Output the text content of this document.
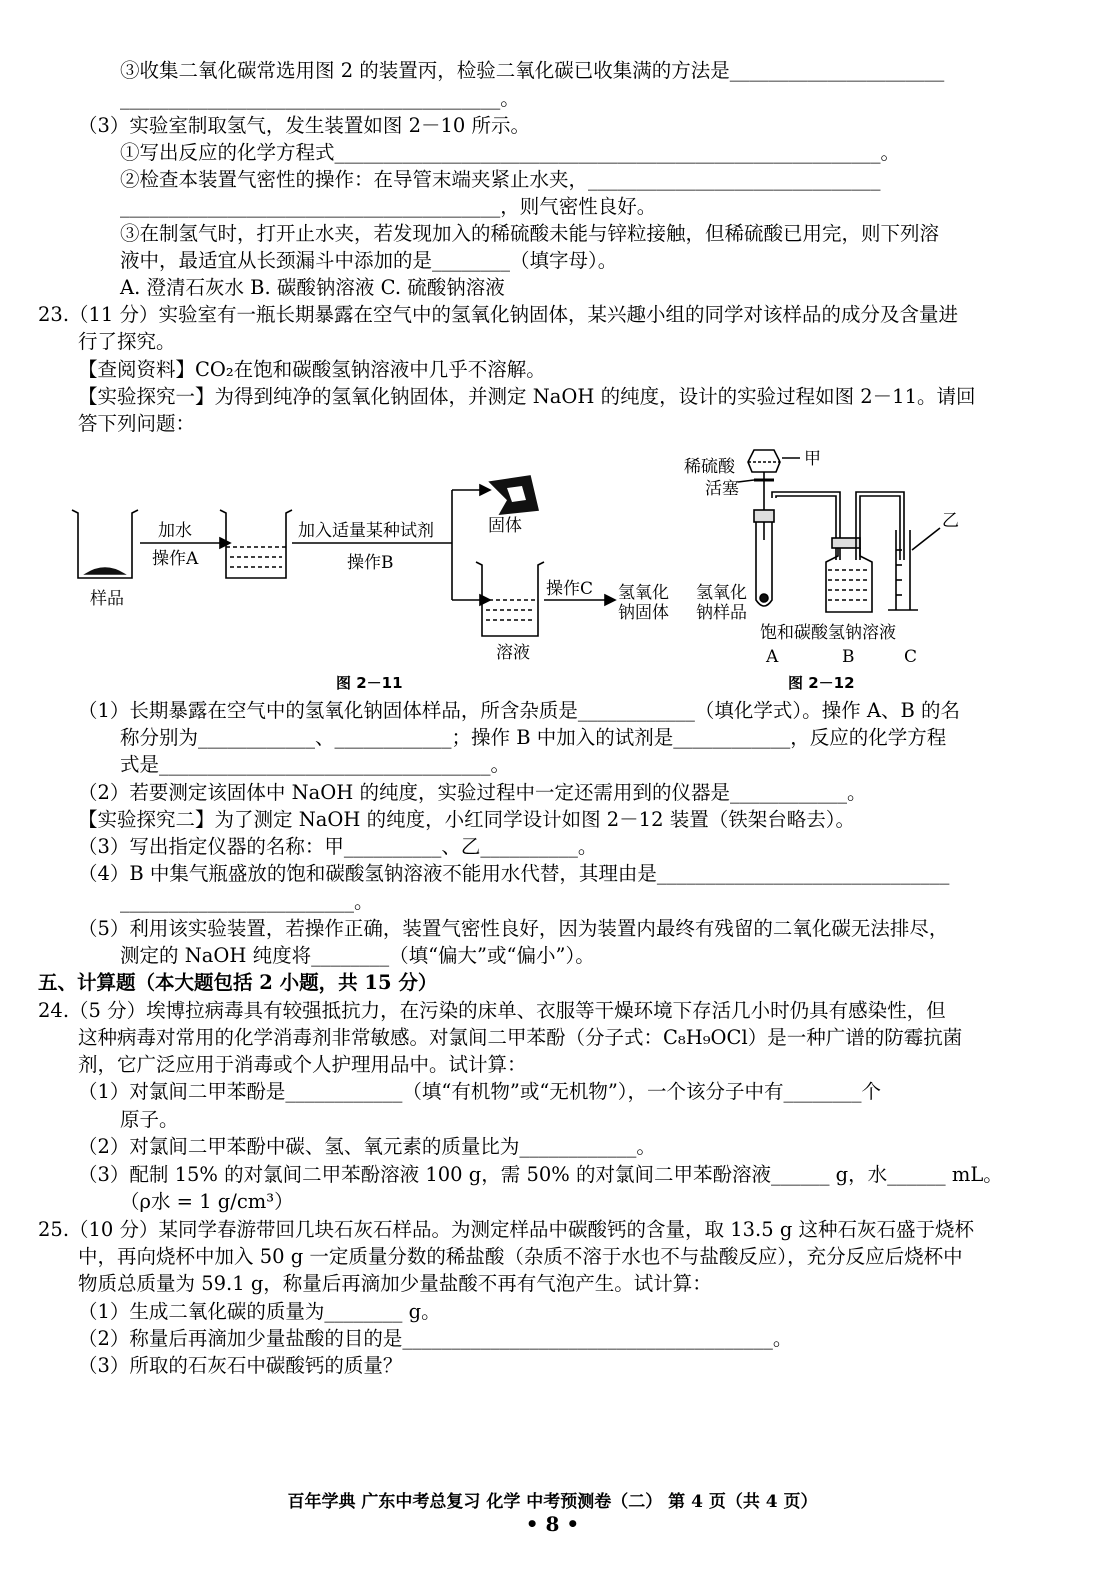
③收集二氧化碳常选用图 2 的装置丙，检验二氧化碳已收集满的方法是______________________
_______________________________________。
（3）实验室制取氢气，发生装置如图 2－10 所示。
①写出反应的化学方程式________________________________________________________。
②检查本装置气密性的操作：在导管末端夹紧止水夹，______________________________
_______________________________________，则气密性良好。
③在制氢气时，打开止水夹，若发现加入的稀硫酸未能与锌粒接触，但稀硫酸已用完，则下列溶
液中，最适宜从长颈漏斗中添加的是________（填字母）。
A. 澄清石灰水 B. 碳酸钠溶液 C. 硫酸钠溶液
23.（11 分）实验室有一瓶长期暴露在空气中的氢氧化钠固体，某兴趣小组的同学对该样品的成分及含量进
行了探究。
【查阅资料】CO₂在饱和碳酸氢钠溶液中几乎不溶解。
【实验探究一】为得到纯净的氢氧化钠固体，并测定 NaOH 的纯度，设计的实验过程如图 2－11。请回
答下列问题：
（1）长期暴露在空气中的氢氧化钠固体样品，所含杂质是____________（填化学式）。操作 A、B 的名
称分别为____________、____________；操作 B 中加入的试剂是____________，反应的化学方程
式是__________________________________。
（2）若要测定该固体中 NaOH 的纯度，实验过程中一定还需用到的仪器是____________。
【实验探究二】为了测定 NaOH 的纯度，小红同学设计如图 2－12 装置（铁架台略去）。
（3）写出指定仪器的名称：甲__________、乙__________。
（4）B 中集气瓶盛放的饱和碳酸氢钠溶液不能用水代替，其理由是______________________________
________________________。
（5）利用该实验装置，若操作正确，装置气密性良好，因为装置内最终有残留的二氧化碳无法排尽，
测定的 NaOH 纯度将________（填“偏大”或“偏小”）。
五、计算题（本大题包括 2 小题，共 15 分）
24.（5 分）埃博拉病毒具有较强抵抗力，在污染的床单、衣服等干燥环境下存活几小时仍具有感染性，但
这种病毒对常用的化学消毒剂非常敏感。对氯间二甲苯酚（分子式：C₈H₉OCl）是一种广谱的防霉抗菌
剂，它广泛应用于消毒或个人护理用品中。试计算：
（1）对氯间二甲苯酚是____________（填“有机物”或“无机物”），一个该分子中有________个
原子。
（2）对氯间二甲苯酚中碳、氢、氧元素的质量比为____________。
（3）配制 15% 的对氯间二甲苯酚溶液 100 g，需 50% 的对氯间二甲苯酚溶液______ g，水______ mL。
（ρ水 = 1 g/cm³）
25.（10 分）某同学春游带回几块石灰石样品。为测定样品中碳酸钙的含量，取 13.5 g 这种石灰石盛于烧杯
中，再向烧杯中加入 50 g 一定质量分数的稀盐酸（杂质不溶于水也不与盐酸反应），充分反应后烧杯中
物质总质量为 59.1 g，称量后再滴加少量盐酸不再有气泡产生。试计算：
（1）生成二氧化碳的质量为________ g。
（2）称量后再滴加少量盐酸的目的是______________________________________。
（3）所取的石灰石中碳酸钙的质量？
样品
加水
操作A
加入适量某种试剂
操作B
固体
溶液
操作C 氢氧化
钠固体
图 2－11
稀硫酸
活塞
甲
乙
氢氧化
钠样品
饱和碳酸氢钠溶液
A	B	C
图 2－12
百年学典 广东中考总复习 化学 中考预测卷（二） 第 4 页（共 4 页）
• 8 •
